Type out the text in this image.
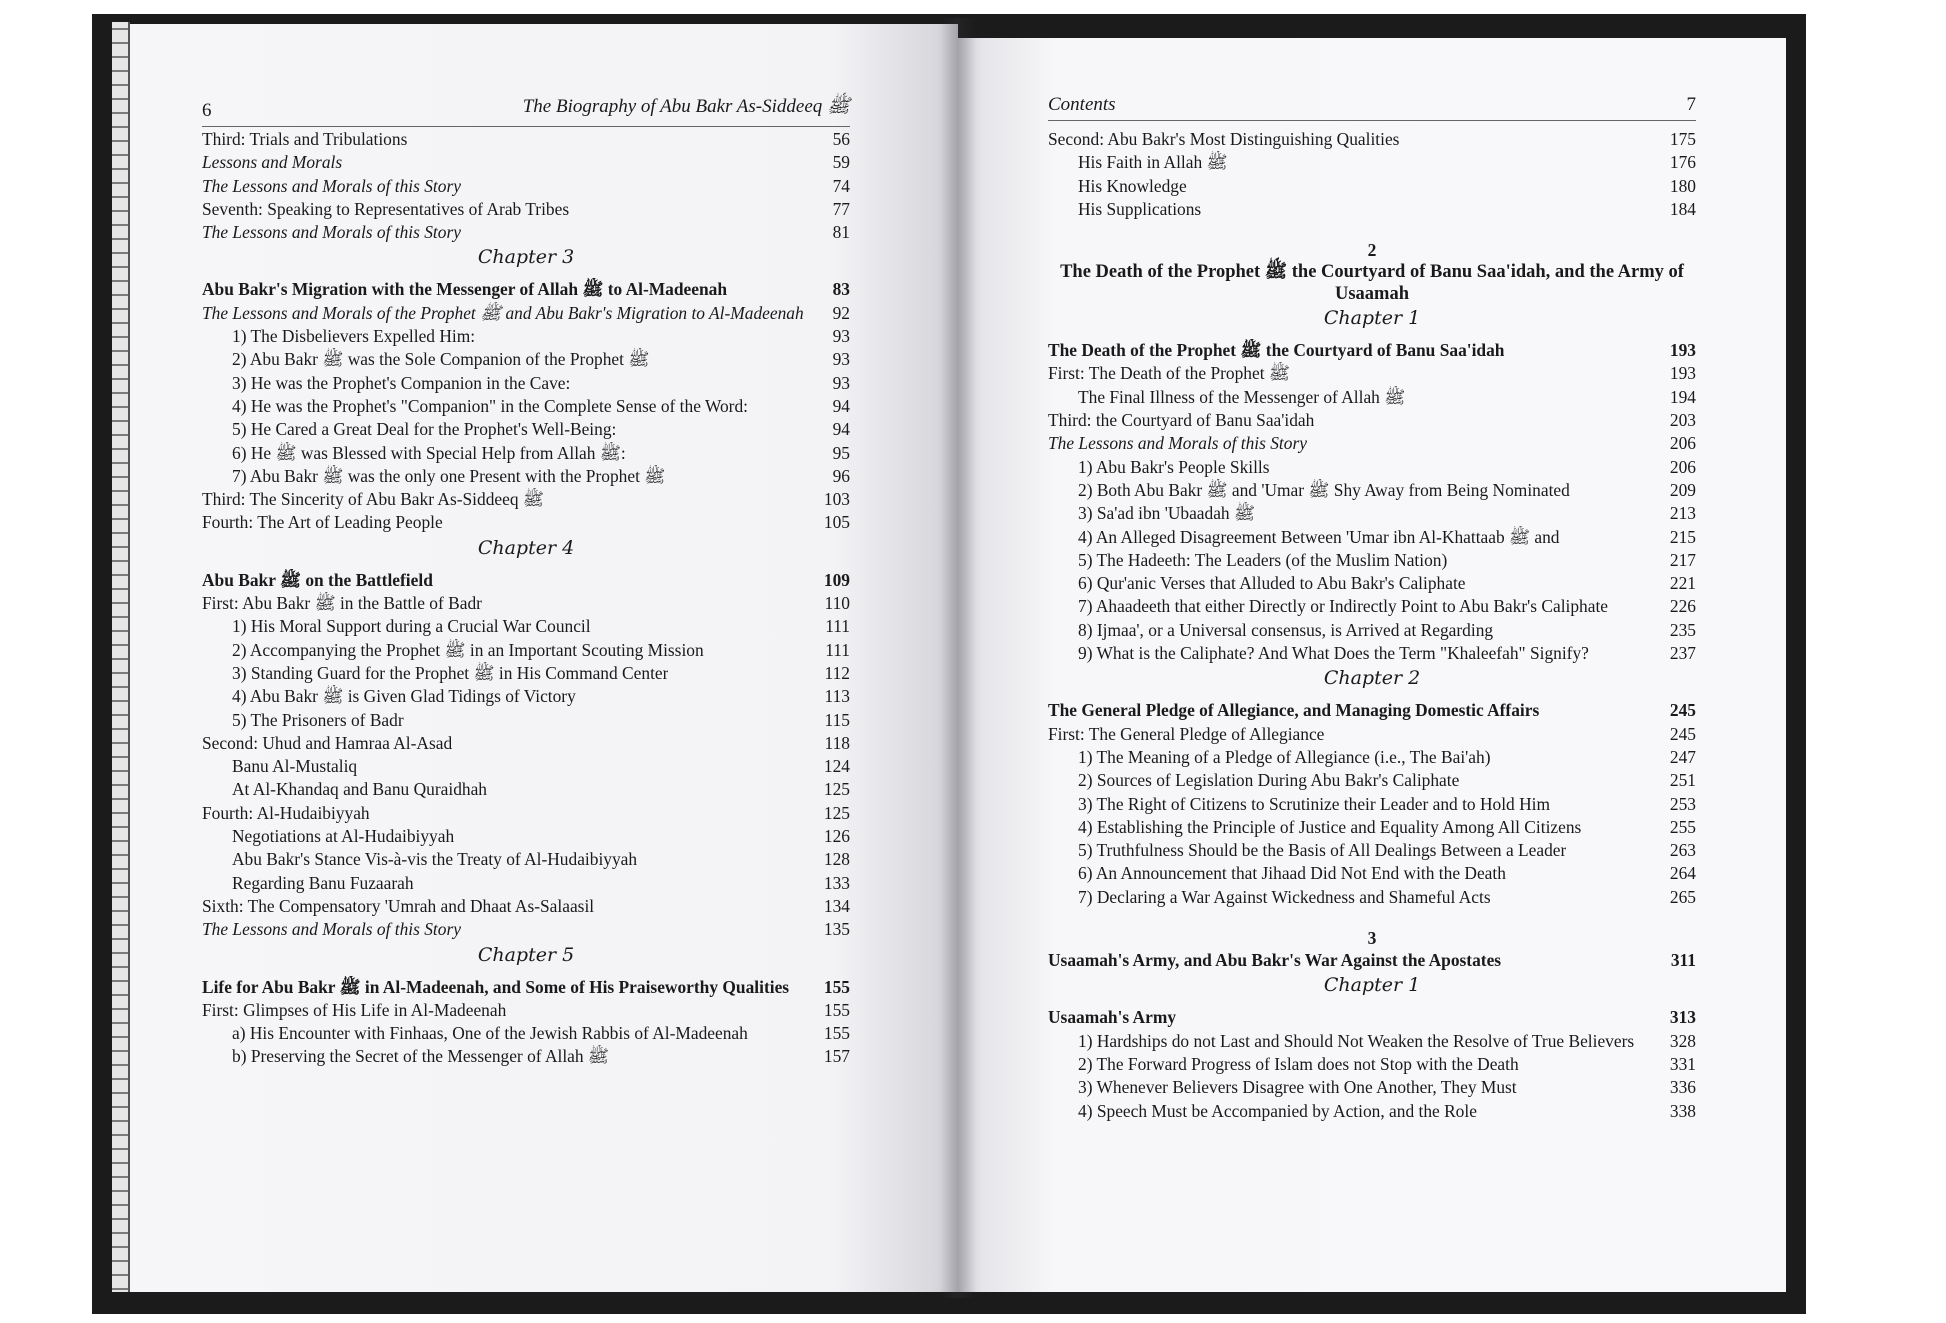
6	The Biography of Abu Bakr As-Siddeeq ﷺ
Third: Trials and Tribulations	56
Lessons and Morals	59
The Lessons and Morals of this Story	74
Seventh: Speaking to Representatives of Arab Tribes	77
The Lessons and Morals of this Story	81
Chapter 3
Abu Bakr's Migration with the Messenger of Allah ﷺ to Al-Madeenah	83
The Lessons and Morals of the Prophet ﷺ and Abu Bakr's Migration to Al-Madeenah	92
1) The Disbelievers Expelled Him:	93
2) Abu Bakr ﷺ was the Sole Companion of the Prophet ﷺ	93
3) He was the Prophet's Companion in the Cave:	93
4) He was the Prophet's "Companion" in the Complete Sense of the Word:	94
5) He Cared a Great Deal for the Prophet's Well-Being:	94
6) He ﷺ was Blessed with Special Help from Allah ﷺ:	95
7) Abu Bakr ﷺ was the only one Present with the Prophet ﷺ	96
Third: The Sincerity of Abu Bakr As-Siddeeq ﷺ	103
Fourth: The Art of Leading People	105
Chapter 4
Abu Bakr ﷺ on the Battlefield	109
First: Abu Bakr ﷺ in the Battle of Badr	110
1) His Moral Support during a Crucial War Council	111
2) Accompanying the Prophet ﷺ in an Important Scouting Mission	111
3) Standing Guard for the Prophet ﷺ in His Command Center	112
4) Abu Bakr ﷺ is Given Glad Tidings of Victory	113
5) The Prisoners of Badr	115
Second: Uhud and Hamraa Al-Asad	118
Banu Al-Mustaliq	124
At Al-Khandaq and Banu Quraidhah	125
Fourth: Al-Hudaibiyyah	125
Negotiations at Al-Hudaibiyyah	126
Abu Bakr's Stance Vis-à-vis the Treaty of Al-Hudaibiyyah	128
Regarding Banu Fuzaarah	133
Sixth: The Compensatory 'Umrah and Dhaat As-Salaasil	134
The Lessons and Morals of this Story	135
Chapter 5
Life for Abu Bakr ﷺ in Al-Madeenah, and Some of His Praiseworthy Qualities	155
First: Glimpses of His Life in Al-Madeenah	155
a) His Encounter with Finhaas, One of the Jewish Rabbis of Al-Madeenah	155
b) Preserving the Secret of the Messenger of Allah ﷺ	157
Contents	7
Second: Abu Bakr's Most Distinguishing Qualities	175
His Faith in Allah ﷺ	176
His Knowledge	180
His Supplications	184
2
The Death of the Prophet ﷺ the Courtyard of Banu Saa'idah, and the Army of Usaamah
Chapter 1
The Death of the Prophet ﷺ the Courtyard of Banu Saa'idah	193
First: The Death of the Prophet ﷺ	193
The Final Illness of the Messenger of Allah ﷺ	194
Third: the Courtyard of Banu Saa'idah	203
The Lessons and Morals of this Story	206
1) Abu Bakr's People Skills	206
2) Both Abu Bakr ﷺ and 'Umar ﷺ Shy Away from Being Nominated	209
3) Sa'ad ibn 'Ubaadah ﷺ	213
4) An Alleged Disagreement Between 'Umar ibn Al-Khattaab ﷺ and	215
5) The Hadeeth: The Leaders (of the Muslim Nation)	217
6) Qur'anic Verses that Alluded to Abu Bakr's Caliphate	221
7) Ahaadeeth that either Directly or Indirectly Point to Abu Bakr's Caliphate	226
8) Ijmaa', or a Universal consensus, is Arrived at Regarding	235
9) What is the Caliphate? And What Does the Term "Khaleefah" Signify?	237
Chapter 2
The General Pledge of Allegiance, and Managing Domestic Affairs	245
First: The General Pledge of Allegiance	245
1) The Meaning of a Pledge of Allegiance (i.e., The Bai'ah)	247
2) Sources of Legislation During Abu Bakr's Caliphate	251
3) The Right of Citizens to Scrutinize their Leader and to Hold Him	253
4) Establishing the Principle of Justice and Equality Among All Citizens	255
5) Truthfulness Should be the Basis of All Dealings Between a Leader	263
6) An Announcement that Jihaad Did Not End with the Death	264
7) Declaring a War Against Wickedness and Shameful Acts	265
3
Usaamah's Army, and Abu Bakr's War Against the Apostates	311
Chapter 1
Usaamah's Army	313
1) Hardships do not Last and Should Not Weaken the Resolve of True Believers	328
2) The Forward Progress of Islam does not Stop with the Death	331
3) Whenever Believers Disagree with One Another, They Must	336
4) Speech Must be Accompanied by Action, and the Role	338
